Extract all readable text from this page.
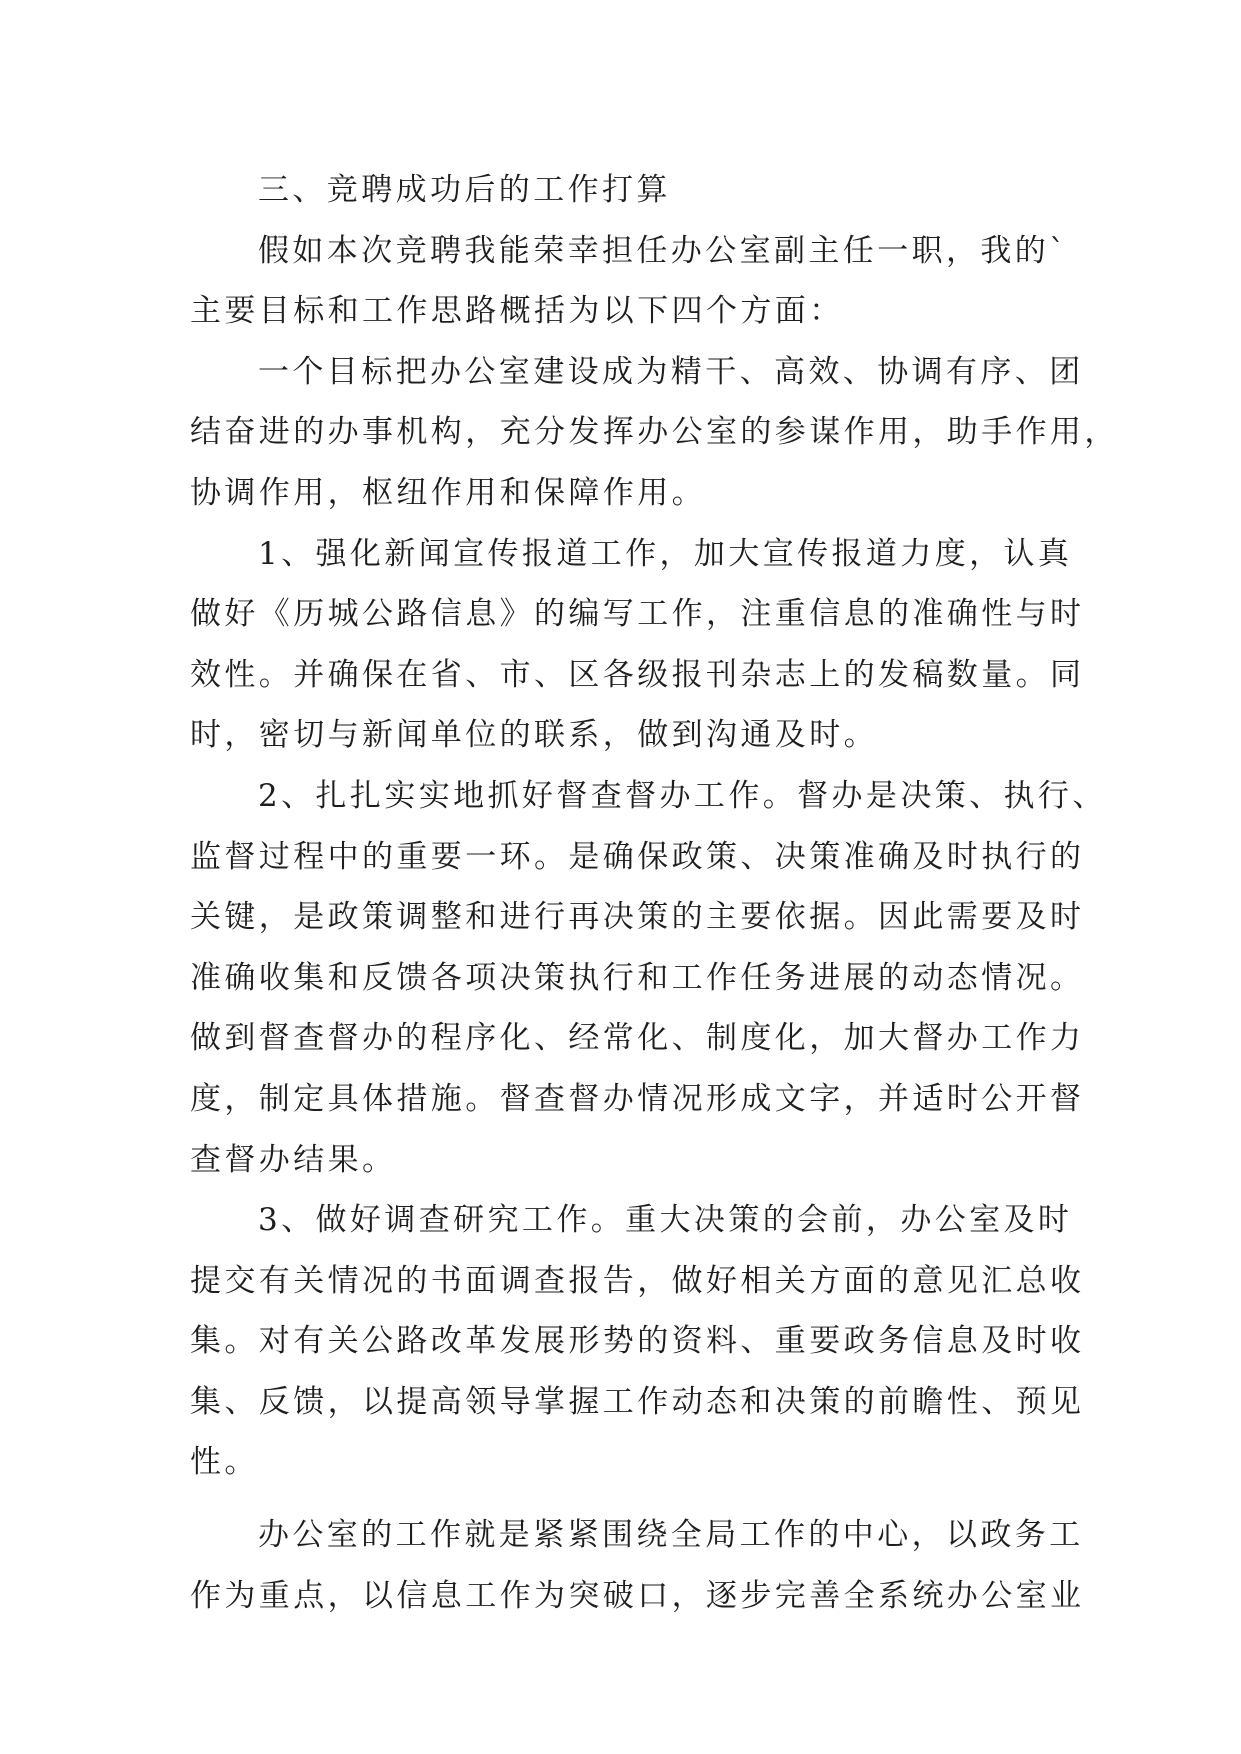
三、竞聘成功后的工作打算

假如本次竞聘我能荣幸担任办公室副主任一职，我的`
主要目标和工作思路概括为以下四个方面：

一个目标把办公室建设成为精干、高效、协调有序、团
结奋进的办事机构，充分发挥办公室的参谋作用，助手作用，
协调作用，枢纽作用和保障作用。

1、强化新闻宣传报道工作，加大宣传报道力度，认真
做好《历城公路信息》的编写工作，注重信息的准确性与时
效性。并确保在省、市、区各级报刊杂志上的发稿数量。同
时，密切与新闻单位的联系，做到沟通及时。

2、扎扎实实地抓好督查督办工作。督办是决策、执行、
监督过程中的重要一环。是确保政策、决策准确及时执行的
关键，是政策调整和进行再决策的主要依据。因此需要及时
准确收集和反馈各项决策执行和工作任务进展的动态情况。
做到督查督办的程序化、经常化、制度化，加大督办工作力
度，制定具体措施。督查督办情况形成文字，并适时公开督
查督办结果。

3、做好调查研究工作。重大决策的会前，办公室及时
提交有关情况的书面调查报告，做好相关方面的意见汇总收
集。对有关公路改革发展形势的资料、重要政务信息及时收
集、反馈，以提高领导掌握工作动态和决策的前瞻性、预见
性。

办公室的工作就是紧紧围绕全局工作的中心，以政务工
作为重点，以信息工作为突破口，逐步完善全系统办公室业
